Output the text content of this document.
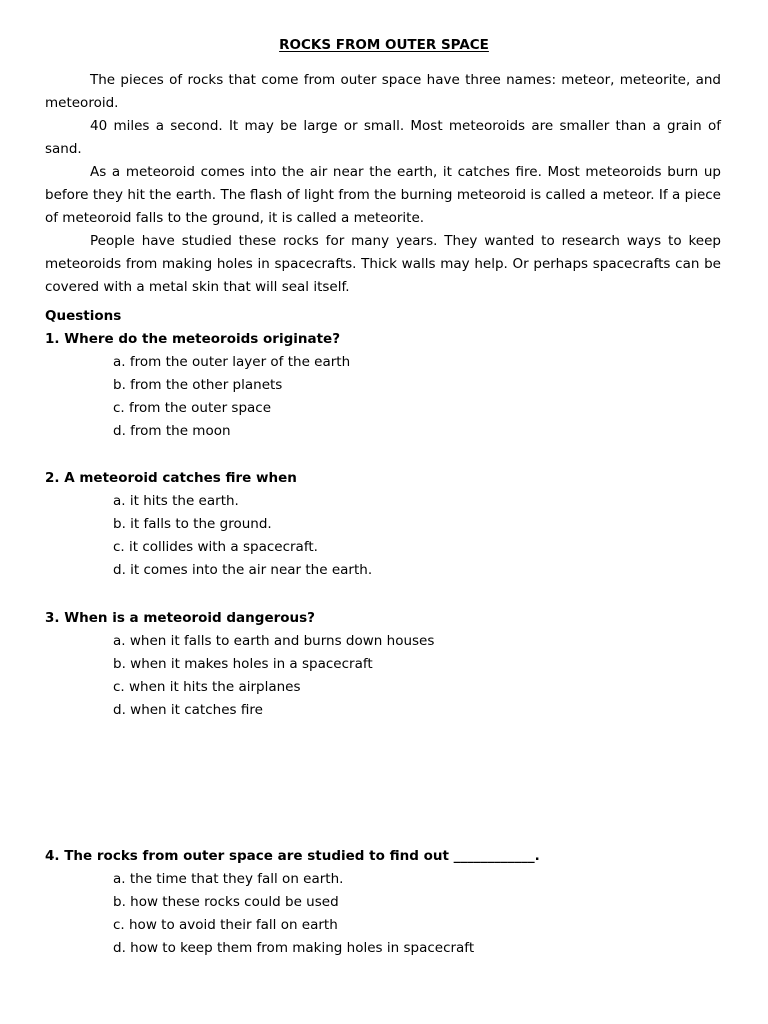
ROCKS FROM OUTER SPACE

The pieces of rocks that come from outer space have three names: meteor, meteorite, and meteoroid.

40 miles a second. It may be large or small. Most meteoroids are smaller than a grain of sand.

As a meteoroid comes into the air near the earth, it catches fire. Most meteoroids burn up before they hit the earth. The flash of light from the burning meteoroid is called a meteor. If a piece of meteoroid falls to the ground, it is called a meteorite.

People have studied these rocks for many years. They wanted to research ways to keep meteoroids from making holes in spacecrafts. Thick walls may help. Or perhaps spacecrafts can be covered with a metal skin that will seal itself.

Questions
1. Where do the meteoroids originate?
a. from the outer layer of the earth
b. from the other planets
c. from the outer space
d. from the moon
2. A meteoroid catches fire when
a. it hits the earth.
b. it falls to the ground.
c. it collides with a spacecraft.
d. it comes into the air near the earth.
3. When is a meteoroid dangerous?
a. when it falls to earth and burns down houses
b. when it makes holes in a spacecraft
c. when it hits the airplanes
d. when it catches fire
4. The rocks from outer space are studied to find out ____________.
a. the time that they fall on earth.
b. how these rocks could be used
c. how to avoid their fall on earth
d. how to keep them from making holes in spacecraft
